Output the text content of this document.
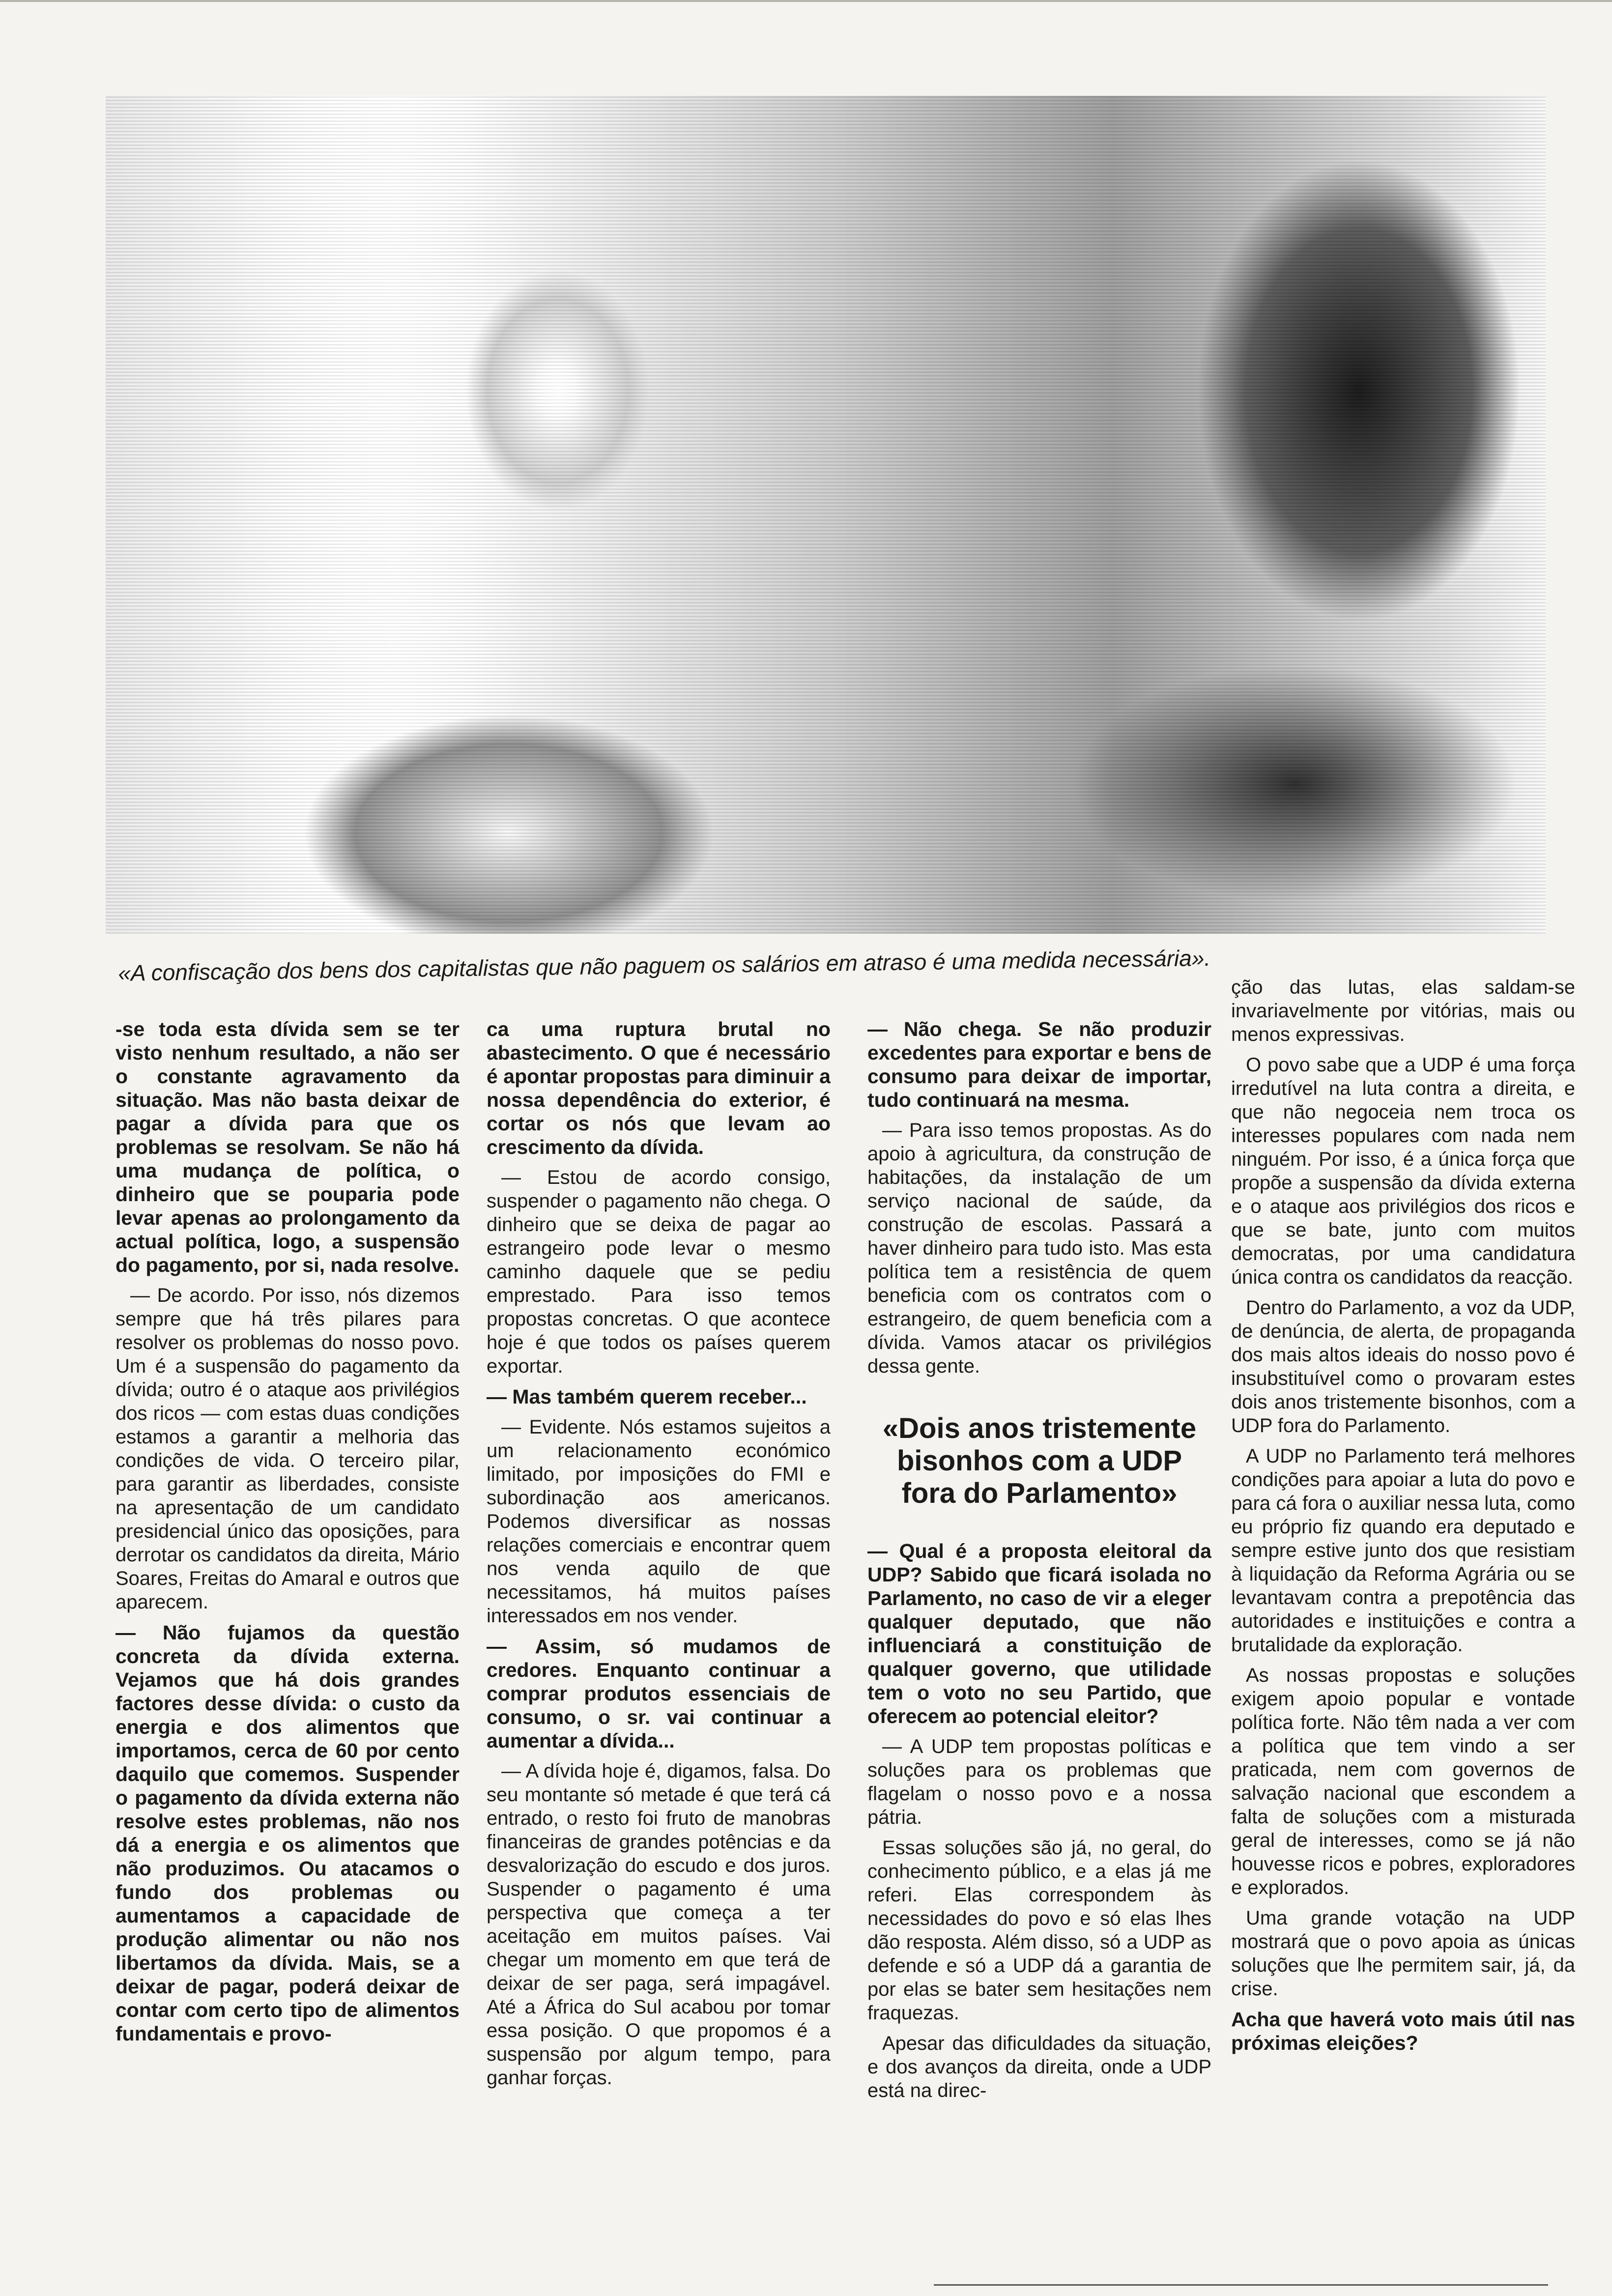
«A confiscação dos bens dos capitalistas que não paguem os salários em atraso é uma medida necessária».

-se toda esta dívida sem se ter visto nenhum resultado, a não ser o constante agravamento da situação. Mas não basta deixar de pagar a dívida para que os problemas se resolvam. Se não há uma mudança de política, o dinheiro que se pouparia pode levar apenas ao prolongamento da actual política, logo, a suspensão do pagamento, por si, nada resolve.

— De acordo. Por isso, nós dizemos sempre que há três pilares para resolver os problemas do nosso povo. Um é a suspensão do pagamento da dívida; outro é o ataque aos privilégios dos ricos — com estas duas condições estamos a garantir a melhoria das condições de vida. O terceiro pilar, para garantir as liberdades, consiste na apresentação de um candidato presidencial único das oposições, para derrotar os candidatos da direita, Mário Soares, Freitas do Amaral e outros que aparecem.

— Não fujamos da questão concreta da dívida externa. Vejamos que há dois grandes factores desse dívida: o custo da energia e dos alimentos que importamos, cerca de 60 por cento daquilo que comemos. Suspender o pagamento da dívida externa não resolve estes problemas, não nos dá a energia e os alimentos que não produzimos. Ou atacamos o fundo dos problemas ou aumentamos a capacidade de produção alimentar ou não nos libertamos da dívida. Mais, se a deixar de pagar, poderá deixar de contar com certo tipo de alimentos fundamentais e provo-

ca uma ruptura brutal no abastecimento. O que é necessário é apontar propostas para diminuir a nossa dependência do exterior, é cortar os nós que levam ao crescimento da dívida.

— Estou de acordo consigo, suspender o pagamento não chega. O dinheiro que se deixa de pagar ao estrangeiro pode levar o mesmo caminho daquele que se pediu emprestado. Para isso temos propostas concretas. O que acontece hoje é que todos os países querem exportar.

— Mas também querem receber...

— Evidente. Nós estamos sujeitos a um relacionamento económico limitado, por imposições do FMI e subordinação aos americanos. Podemos diversificar as nossas relações comerciais e encontrar quem nos venda aquilo de que necessitamos, há muitos países interessados em nos vender.

— Assim, só mudamos de credores. Enquanto continuar a comprar produtos essenciais de consumo, o sr. vai continuar a aumentar a dívida...

— A dívida hoje é, digamos, falsa. Do seu montante só metade é que terá cá entrado, o resto foi fruto de manobras financeiras de grandes potências e da desvalorização do escudo e dos juros. Suspender o pagamento é uma perspectiva que começa a ter aceitação em muitos países. Vai chegar um momento em que terá de deixar de ser paga, será impagável. Até a África do Sul acabou por tomar essa posição. O que propomos é a suspensão por algum tempo, para ganhar forças.

— Não chega. Se não produzir excedentes para exportar e bens de consumo para deixar de importar, tudo continuará na mesma.

— Para isso temos propostas. As do apoio à agricultura, da construção de habitações, da instalação de um serviço nacional de saúde, da construção de escolas. Passará a haver dinheiro para tudo isto. Mas esta política tem a resistência de quem beneficia com os contratos com o estrangeiro, de quem beneficia com a dívida. Vamos atacar os privilégios dessa gente.

«Dois anos tristemente bisonhos com a UDP fora do Parlamento»

— Qual é a proposta eleitoral da UDP? Sabido que ficará isolada no Parlamento, no caso de vir a eleger qualquer deputado, que não influenciará a constituição de qualquer governo, que utilidade tem o voto no seu Partido, que oferecem ao potencial eleitor?

— A UDP tem propostas políticas e soluções para os problemas que flagelam o nosso povo e a nossa pátria.

Essas soluções são já, no geral, do conhecimento público, e a elas já me referi. Elas correspondem às necessidades do povo e só elas lhes dão resposta. Além disso, só a UDP as defende e só a UDP dá a garantia de por elas se bater sem hesitações nem fraquezas.

Apesar das dificuldades da situação, e dos avanços da direita, onde a UDP está na direc-

ção das lutas, elas saldam-se invariavelmente por vitórias, mais ou menos expressivas.

O povo sabe que a UDP é uma força irredutível na luta contra a direita, e que não negoceia nem troca os interesses populares com nada nem ninguém. Por isso, é a única força que propõe a suspensão da dívida externa e o ataque aos privilégios dos ricos e que se bate, junto com muitos democratas, por uma candidatura única contra os candidatos da reacção.

Dentro do Parlamento, a voz da UDP, de denúncia, de alerta, de propaganda dos mais altos ideais do nosso povo é insubstituível como o provaram estes dois anos tristemente bisonhos, com a UDP fora do Parlamento.

A UDP no Parlamento terá melhores condições para apoiar a luta do povo e para cá fora o auxiliar nessa luta, como eu próprio fiz quando era deputado e sempre estive junto dos que resistiam à liquidação da Reforma Agrária ou se levantavam contra a prepotência das autoridades e instituições e contra a brutalidade da exploração.

As nossas propostas e soluções exigem apoio popular e vontade política forte. Não têm nada a ver com a política que tem vindo a ser praticada, nem com governos de salvação nacional que escondem a falta de soluções com a misturada geral de interesses, como se já não houvesse ricos e pobres, exploradores e explorados.

Uma grande votação na UDP mostrará que o povo apoia as únicas soluções que lhe permitem sair, já, da crise.

Acha que haverá voto mais útil nas próximas eleições?
